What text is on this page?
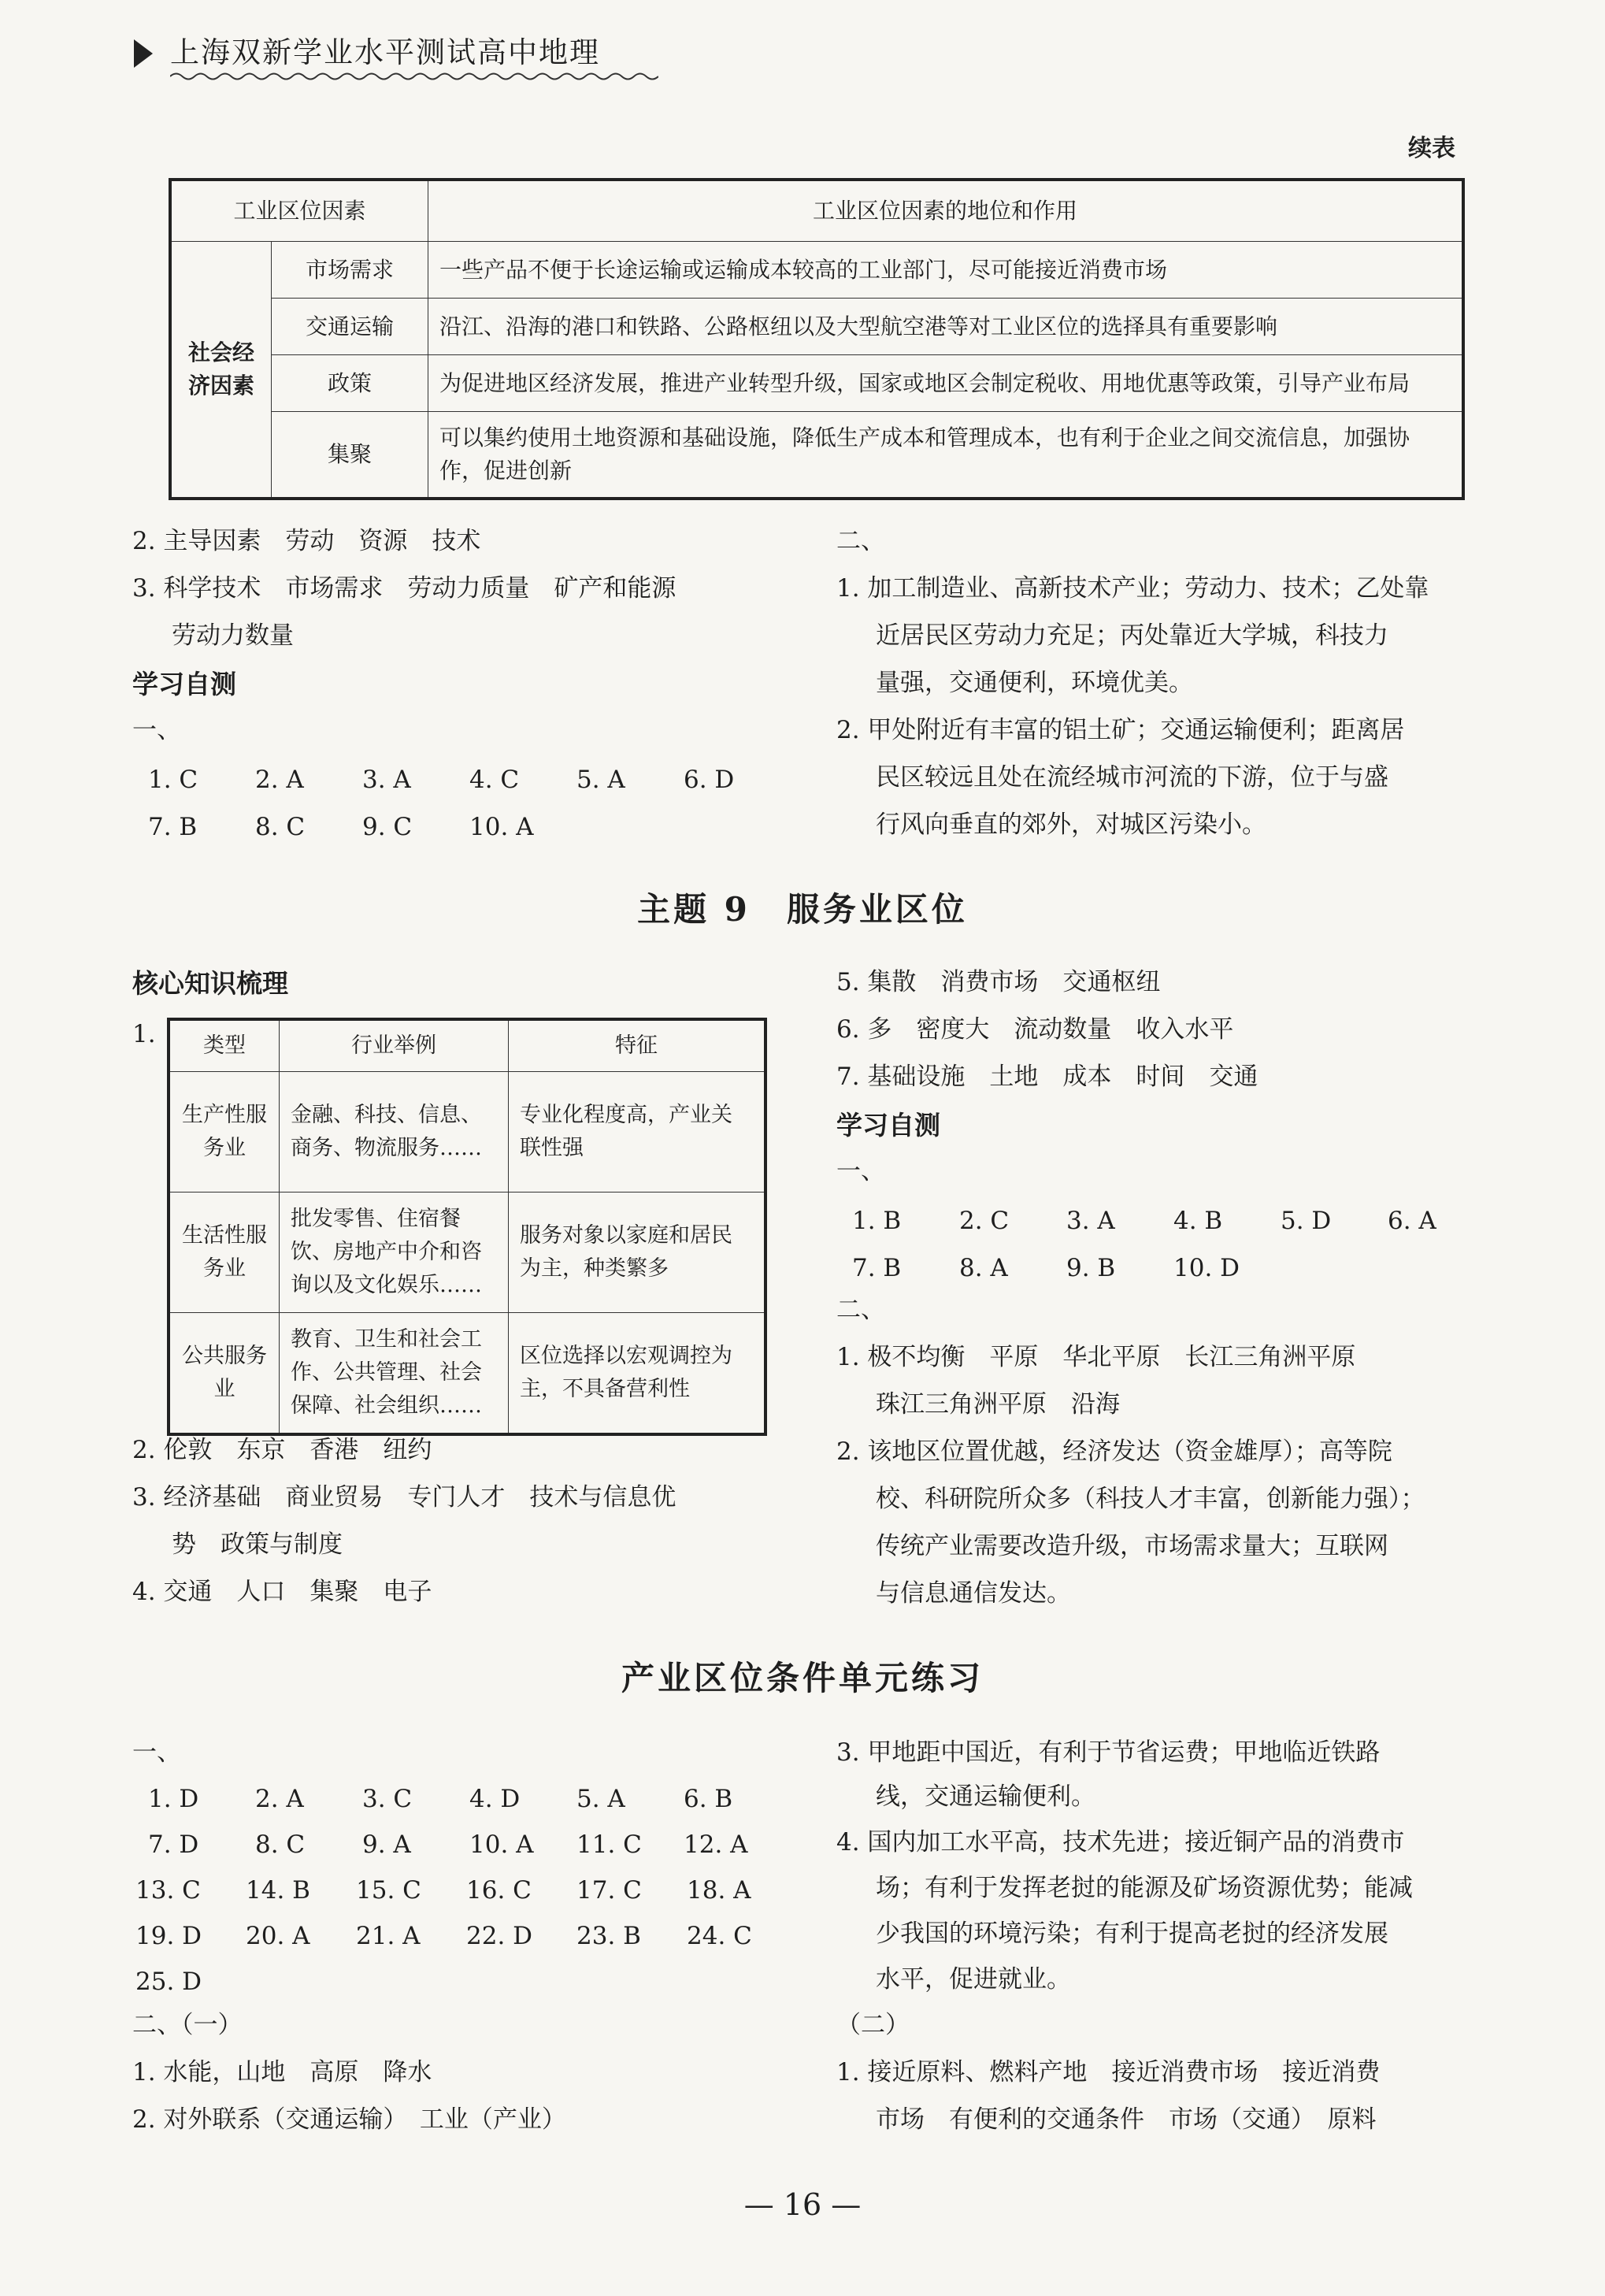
上海双新学业水平测试高中地理
续表
工业区位因素		工业区位因素的地位和作用
社会经济因素	市场需求	一些产品不便于长途运输或运输成本较高的工业部门，尽可能接近消费市场
	交通运输	沿江、沿海的港口和铁路、公路枢纽以及大型航空港等对工业区位的选择具有重要影响
	政策	为促进地区经济发展，推进产业转型升级，国家或地区会制定税收、用地优惠等政策，引导产业布局
	集聚	可以集约使用土地资源和基础设施，降低生产成本和管理成本，也有利于企业之间交流信息，加强协作，促进创新
2. 主导因素　劳动　资源　技术
3. 科学技术　市场需求　劳动力质量　矿产和能源
劳动力数量
学习自测
一、
1. C 2. A 3. A 4. C 5. A 6. D
7. B 8. C 9. C 10. A
二、
1. 加工制造业、高新技术产业；劳动力、技术；乙处靠
近居民区劳动力充足；丙处靠近大学城，科技力
量强，交通便利，环境优美。
2. 甲处附近有丰富的铝土矿；交通运输便利；距离居
民区较远且处在流经城市河流的下游，位于与盛
行风向垂直的郊外，对城区污染小。
主题 9　服务业区位
核心知识梳理
1. 类型	行业举例	特征
生产性服务业	金融、科技、信息、商务、物流服务……	专业化程度高，产业关联性强
生活性服务业	批发零售、住宿餐饮、房地产中介和咨询以及文化娱乐……	服务对象以家庭和居民为主，种类繁多
公共服务业	教育、卫生和社会工作、公共管理、社会保障、社会组织……	区位选择以宏观调控为主，不具备营利性
2. 伦敦　东京　香港　纽约
3. 经济基础　商业贸易　专门人才　技术与信息优
势　政策与制度
4. 交通　人口　集聚　电子
5. 集散　消费市场　交通枢纽
6. 多　密度大　流动数量　收入水平
7. 基础设施　土地　成本　时间　交通
学习自测
一、
1. B 2. C 3. A 4. B 5. D 6. A
7. B 8. A 9. B 10. D
二、
1. 极不均衡　平原　华北平原　长江三角洲平原
珠江三角洲平原　沿海
2. 该地区位置优越，经济发达（资金雄厚）；高等院
校、科研院所众多（科技人才丰富，创新能力强）；
传统产业需要改造升级，市场需求量大；互联网
与信息通信发达。
产业区位条件单元练习
一、
1. D 2. A 3. C 4. D 5. A 6. B
7. D 8. C 9. A 10. A 11. C 12. A
13. C 14. B 15. C 16. C 17. C 18. A
19. D 20. A 21. A 22. D 23. B 24. C
25. D
二、（一）
1. 水能，山地　高原　降水
2. 对外联系（交通运输）　工业（产业）
3. 甲地距中国近，有利于节省运费；甲地临近铁路
线，交通运输便利。
4. 国内加工水平高，技术先进；接近铜产品的消费市
场；有利于发挥老挝的能源及矿场资源优势；能减
少我国的环境污染；有利于提高老挝的经济发展
水平，促进就业。
（二）
1. 接近原料、燃料产地　接近消费市场　接近消费
市场　有便利的交通条件　市场（交通）　原料
— 16 —
